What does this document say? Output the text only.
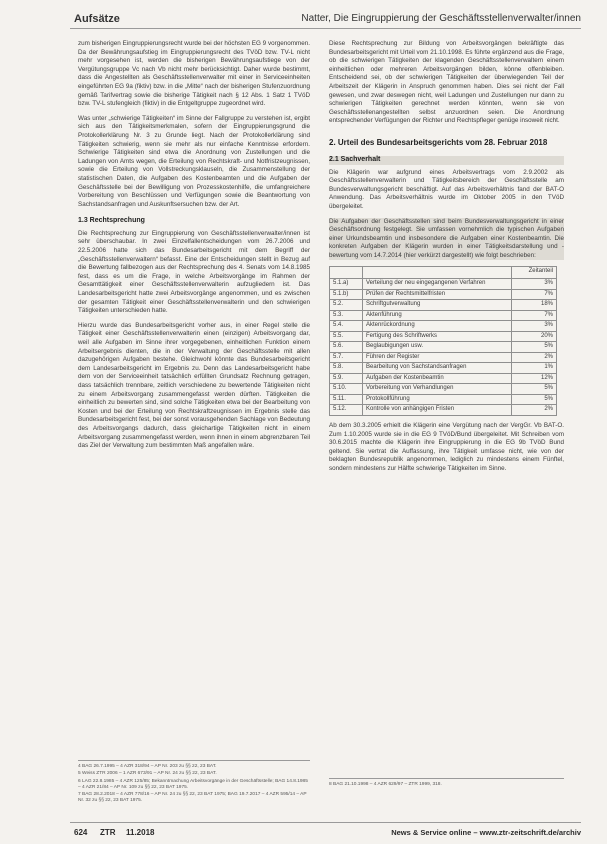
Aufsätze	Natter, Die Eingruppierung der Geschäftsstellenverwalter/innen

zum bisherigen Eingruppierungsrecht wurde bei der höchsten EG 9 vorgenommen. Da der Bewährungsaufstieg im Eingruppierungsrecht des TVöD bzw. TV-L nicht mehr vorgesehen ist, werden die bisherigen Bewährungsaufstiege von der Vergütungsgruppe Vc nach Vb nicht mehr berücksichtigt. Daher wurde bestimmt, dass die Angestellten als Geschäftsstellenverwalter mit einer in Serviceeinheiten eingeführten EG 9a (fiktiv) bzw. in die „Mitte“ nach der bisherigen Stufenzuordnung gemäß Tarifvertrag sowie die bisherige Tätigkeit nach § 12 Abs. 1 Satz 1 TVöD bzw. TV-L stufengleich (fiktiv) in die Entgeltgruppe zugeordnet wird.

Was unter „schwierige Tätigkeiten“ im Sinne der Fallgruppe zu verstehen ist, ergibt sich aus den Tätigkeitsmerkmalen, sofern der Eingruppierungsgrund die Protokollerklärung Nr. 3 zu Grunde liegt. Nach der Protokollerklärung sind Tätigkeiten schwierig, wenn sie mehr als nur einfache Kenntnisse erfordern. Schwierige Tätigkeiten sind etwa die Anordnung von Zustellungen und die Ladungen von Amts wegen, die Erteilung von Rechtskraft- und Notfristzeugnissen, sowie die Erteilung von Vollstreckungsklauseln, die Zusammenstellung der statistischen Daten, die Aufgaben des Kostenbeamten und die Aufgaben der Geschäftsstelle bei der Bewilligung von Prozesskostenhilfe, die umfangreichere Vorbereitung von Beschlüssen und Verfügungen sowie die Beantwortung von Sachstandsanfragen und Auskunftsersuchen bzw. der Art.

1.3 Rechtsprechung

Die Rechtsprechung zur Eingruppierung von Geschäftsstellenverwalter/innen ist sehr überschaubar. In zwei Einzelfallentscheidungen vom 26.7.2006 und 22.5.2006 hatte sich das Bundesarbeitsgericht mit dem Begriff der „Geschäftsstellenverwaltern“ befasst. Eine der Entscheidungen stellt in Bezug auf die Bewertung fallbezogen aus der Rechtsprechung des 4. Senats vom 14.8.1985 fest, dass es um die Frage, in welche Arbeitsvorgänge im Rahmen der Gesamttätigkeit einer Geschäftsstellenverwalterin aufzugliedern ist. Das Landesarbeitsgericht hatte zwei Arbeitsvorgänge angenommen, und es zwischen der gesamten Tätigkeit einer Geschäftsstellenverwalterin und den schwierigen Tätigkeiten unterschieden hatte.

Hierzu wurde das Bundesarbeitsgericht vorher aus, in einer Regel stelle die Tätigkeit einer Geschäftsstellenverwalterin einen (einzigen) Arbeitsvorgang dar, weil alle Aufgaben im Sinne ihrer vorgegebenen, einheitlichen Funktion einem Arbeitsergebnis dienten, die in der Verwaltung der Geschäftsstelle mit allen dazugehörigen Aufgaben bestehe. Gleichwohl könnte das Bundesarbeitsgericht dem Landesarbeitsgericht im Ergebnis zu. Denn das Landesarbeitsgericht habe dem von der Serviceeinheit tatsächlich erfüllten Grundsatz Rechnung getragen, dass tatsächlich trennbare, zeitlich verschiedene zu bewertende Tätigkeiten nicht zu einem Arbeitsvorgang zusammengefasst werden dürften. Tätigkeiten die einheitlich zu bewerten sind, sind solche Tätigkeiten etwa bei der Bearbeitung von Kosten und bei der Erteilung von Rechtskraftzeugnissen im Ergebnis stelle das Bundesarbeitsgericht fest, bei der sonst vorausgehenden Sachlage von Bedeutung des Arbeitsvorgangs dadurch, dass gleichartige Tätigkeiten nicht in einem Arbeitsvorgang zusammengefasst werden, wenn ihnen in einem abgrenzbaren Teil das Ziel der Verwaltung zum bestimmten Maß angefallen wäre.

4 BAG 26.7.1995 – 4 AZR 318/94 – AP Nr. 203 zu §§ 22, 23 BAT.
5 Weiss ZTR 2006 – 1 AZR 673/91 – AP Nr. 24 zu §§ 22, 23 BAT.
6 LAG 22.8.1985 – 4 AZR 125/85; Bekanntmachung Arbeitsvorgänge in der Geschäftsstelle; BAG 14.8.1985 – 4 AZR 21/84 – AP Nr. 109 zu §§ 22, 23 BAT 1975.
7 BAG 28.2.2018 – 4 AZR 778/16 – AP Nr. 24 zu §§ 22, 23 BAT 1975; BAG 19.7.2017 – 4 AZR 595/14 – AP Nr. 32 zu §§ 22, 23 BAT 1975.

Diese Rechtsprechung zur Bildung von Arbeitsvorgängen bekräftigte das Bundesarbeitsgericht mit Urteil vom 21.10.1998. Es führte ergänzend aus die Frage, ob die schwierigen Tätigkeiten der klagenden Geschäftsstellenverwaltern einem einheitlichen oder mehreren Arbeitsvorgängen bilden, könne offenbleiben. Entscheidend sei, ob der schwierigen Tätigkeiten der überwiegenden Teil der Arbeitszeit der Klägerin in Anspruch genommen haben. Dies sei nicht der Fall gewesen, und zwar deswegen nicht, weil Ladungen und Zustellungen nur dann zu schwierigen Tätigkeiten gerechnet werden könnten, wenn sie von Geschäftsstellenangestellten selbst anzuordnen seien. Die Anordnung entsprechender Verfügungen der Richter und Rechtspfleger genüge insoweit nicht.

2. Urteil des Bundesarbeitsgerichts vom 28. Februar 2018
2.1 Sachverhalt

Die Klägerin war aufgrund eines Arbeitsvertrags vom 2.9.2002 als Geschäftsstellenverwalterin und Tätigkeitsbereich der Geschäftsstelle am Bundesverwaltungsgericht beschäftigt. Auf das Arbeitsverhältnis fand der BAT-O Anwendung. Das Arbeitsverhältnis wurde im Oktober 2005 in den TVöD übergeleitet.

Die Aufgaben der Geschäftsstellen sind beim Bundesverwaltungsgericht in einer Geschäftsordnung festgelegt. Sie umfassen vornehmlich die typischen Aufgaben einer Urkundsbeamtin und insbesondere die Aufgaben einer Kostenbeamtin. Die konkreten Aufgaben der Klägerin wurden in einer Tätigkeitsdarstellung und -bewertung vom 14.7.2014 (hier verkürzt dargestellt) wie folgt beschrieben:

		Zeitanteil
5.1.a)	Verteilung der neu eingegangenen Verfahren	3%
5.1.b)	Prüfen der Rechtsmittelfristen	7%
5.2.	Schriftgutverwaltung	18%
5.3.	Aktenführung	7%
5.4.	Aktenrückordnung	3%
5.5.	Fertigung des Schriftwerks	20%
5.6.	Beglaubigungen usw.	5%
5.7.	Führen der Register	2%
5.8.	Bearbeitung von Sachstandsanfragen	1%
5.9.	Aufgaben der Kostenbeamtin	12%
5.10.	Vorbereitung von Verhandlungen	5%
5.11.	Protokollführung	5%
5.12.	Kontrolle von anhängigen Fristen	2%

Ab dem 30.3.2005 erhielt die Klägerin eine Vergütung nach der VergGr. Vb BAT-O. Zum 1.10.2005 wurde sie in die EG 9 TVöD/Bund übergeleitet. Mit Schreiben vom 30.6.2015 machte die Klägerin ihre Eingruppierung in die EG 9b TVöD Bund geltend. Sie vertrat die Auffassung, ihre Tätigkeit umfasse nicht, wie von der beklagten Bundesrepublik angenommen, lediglich zu mindestens einem Fünftel, sondern mindestens zur Hälfte schwierige Tätigkeiten im Sinne.

8 BAG 21.10.1998 – 4 AZR 629/97 – ZTR 1999, 318.
624 ZTR 11.2018	News & Service online – www.ztr-zeitschrift.de/archiv
